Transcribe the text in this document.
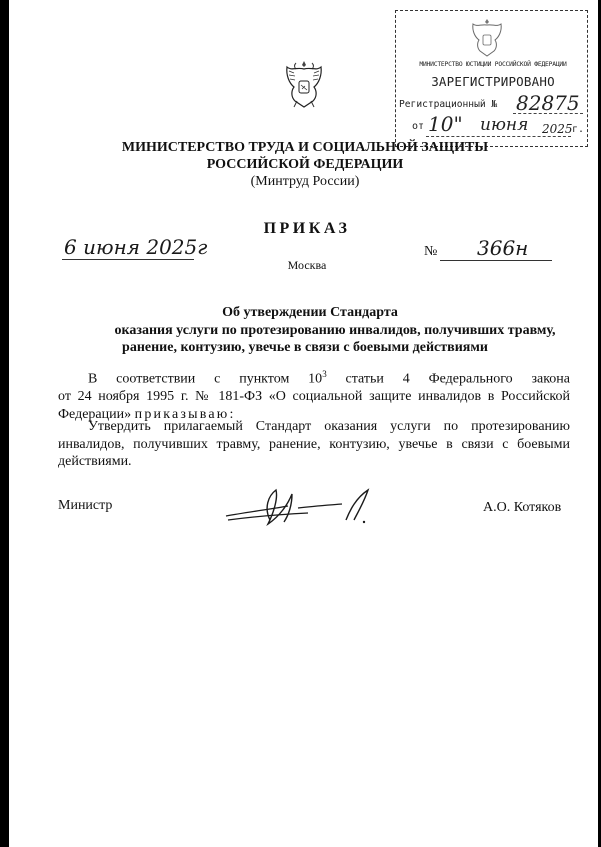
МИНИСТЕРСТВО ЮСТИЦИИ РОССИЙСКОЙ ФЕДЕРАЦИИ
ЗАРЕГИСТРИРОВАНО
Регистрационный № 82875
от 10" июня 2025 г.
МИНИСТЕРСТВО ТРУДА И СОЦИАЛЬНОЙ ЗАЩИТЫ
РОССИЙСКОЙ ФЕДЕРАЦИИ
(Минтруд России)
ПРИКАЗ
6 июня 2025г	№ 366н
Москва
Об утверждении Стандарта
оказания услуги по протезированию инвалидов, получивших травму,
ранение, контузию, увечье в связи с боевыми действиями
В соответствии с пунктом $10^3$ статьи 4 Федерального закона
от 24 ноября 1995 г. № 181-ФЗ «О социальной защите инвалидов в Российской
Федерации» приказываю:
Утвердить прилагаемый Стандарт оказания услуги по протезированию
инвалидов, получивших травму, ранение, контузию, увечье в связи с боевыми
действиями.
Министр	А.О. Котяков
